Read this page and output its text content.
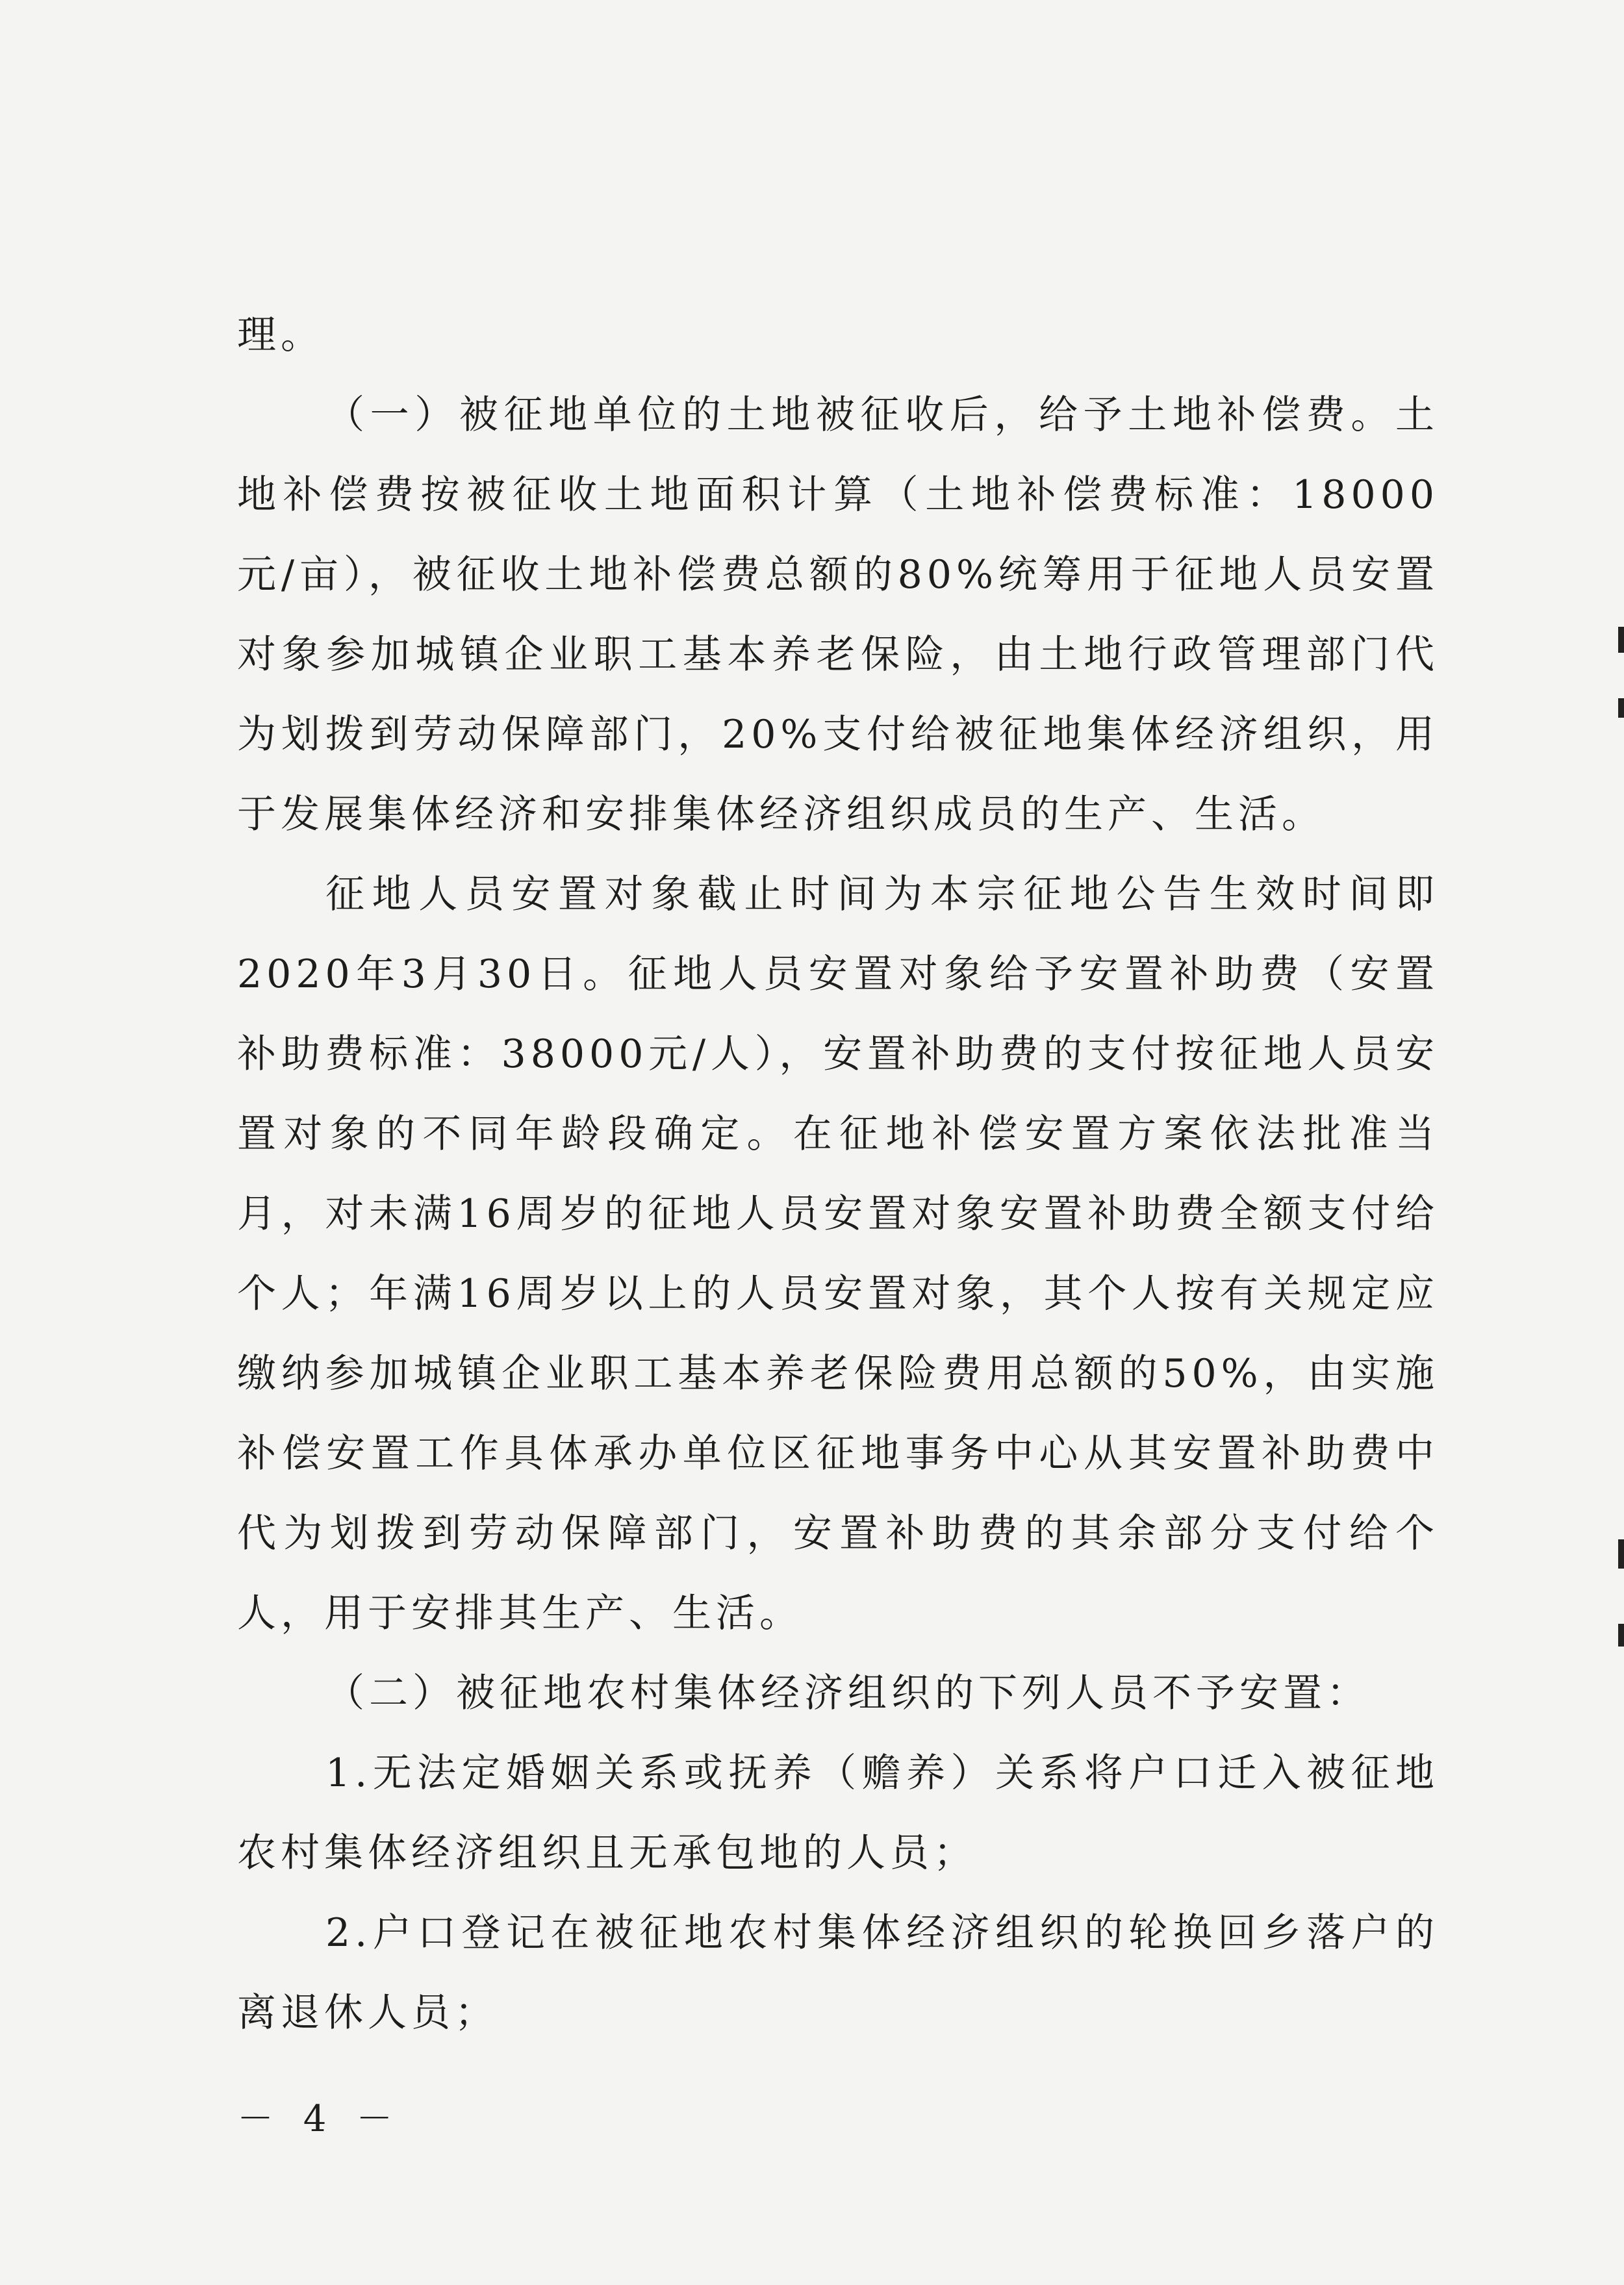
理。

（一）被征地单位的土地被征收后，给予土地补偿费。土地补偿费按被征收土地面积计算（土地补偿费标准：18000元/亩），被征收土地补偿费总额的80%统筹用于征地人员安置对象参加城镇企业职工基本养老保险，由土地行政管理部门代为划拨到劳动保障部门，20%支付给被征地集体经济组织，用于发展集体经济和安排集体经济组织成员的生产、生活。

征地人员安置对象截止时间为本宗征地公告生效时间即2020年3月30日。征地人员安置对象给予安置补助费（安置补助费标准：38000元/人），安置补助费的支付按征地人员安置对象的不同年龄段确定。在征地补偿安置方案依法批准当月，对未满16周岁的征地人员安置对象安置补助费全额支付给个人；年满16周岁以上的人员安置对象，其个人按有关规定应缴纳参加城镇企业职工基本养老保险费用总额的50%，由实施补偿安置工作具体承办单位区征地事务中心从其安置补助费中代为划拨到劳动保障部门，安置补助费的其余部分支付给个人，用于安排其生产、生活。

（二）被征地农村集体经济组织的下列人员不予安置：

1.无法定婚姻关系或抚养（赡养）关系将户口迁入被征地农村集体经济组织且无承包地的人员；

2.户口登记在被征地农村集体经济组织的轮换回乡落户的离退休人员；

－ 4 －
